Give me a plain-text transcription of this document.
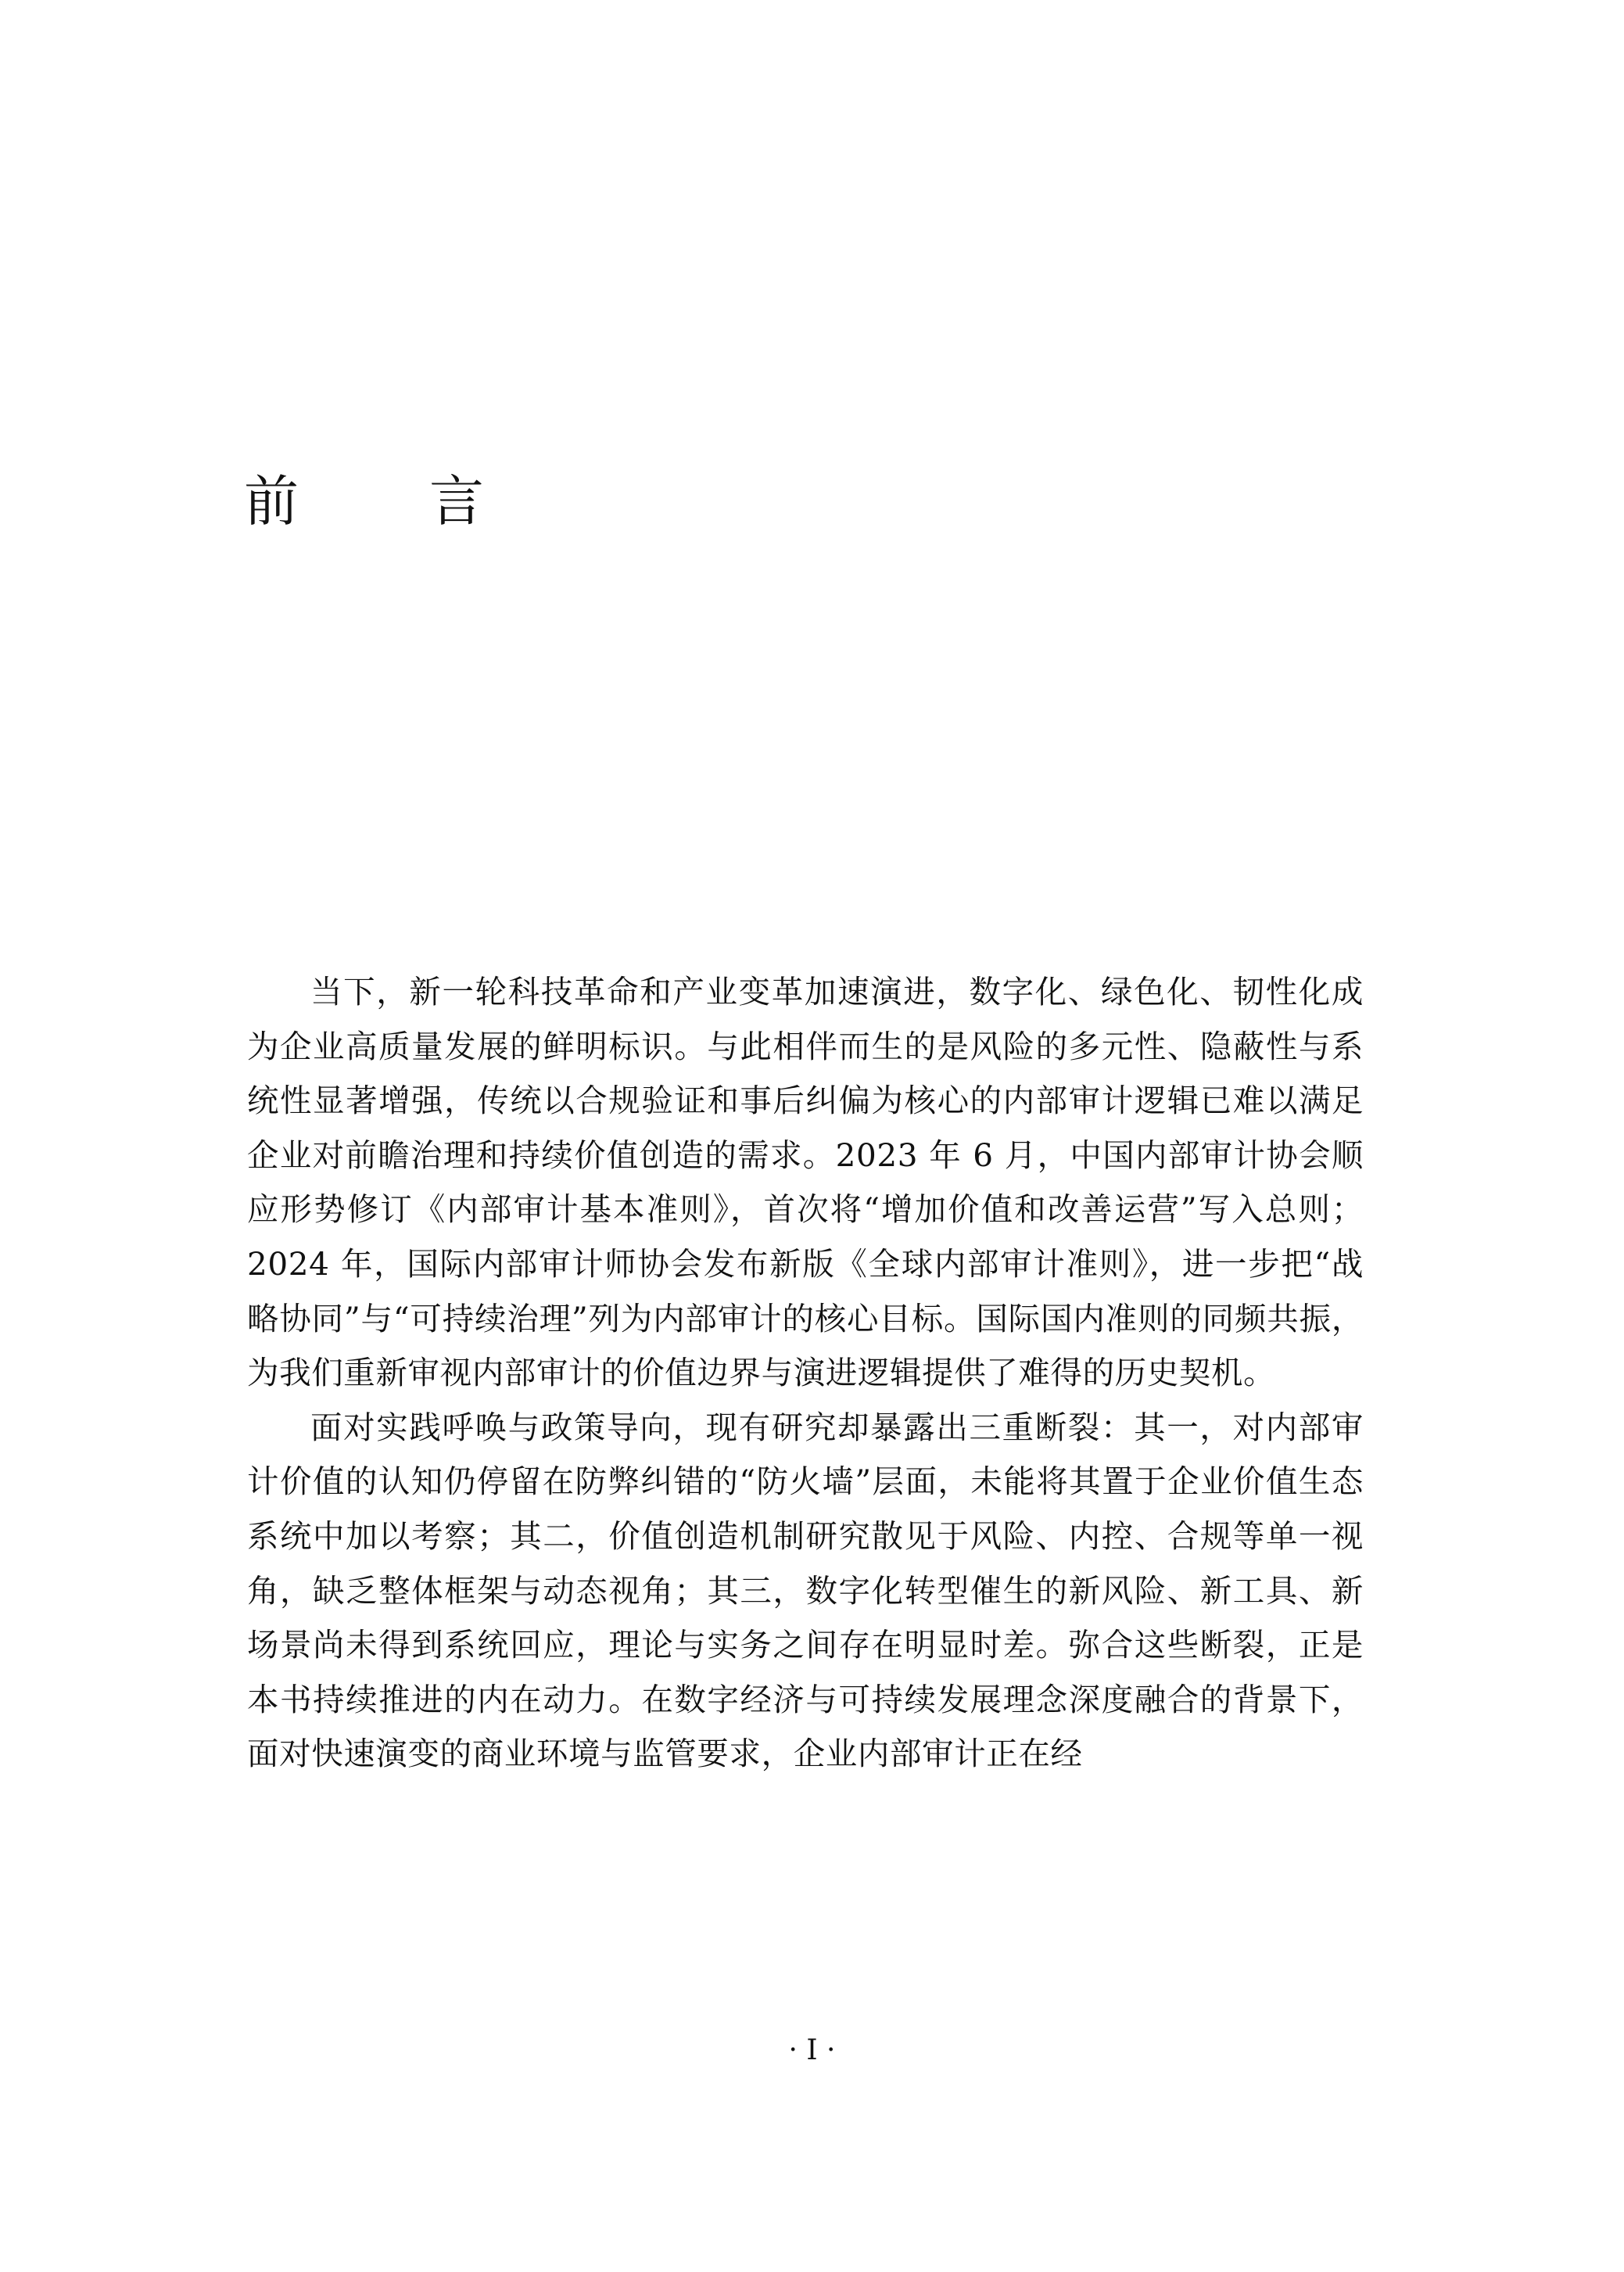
前 言

当下，新一轮科技革命和产业变革加速演进，数字化、绿色化、韧性化成为企业高质量发展的鲜明标识。与此相伴而生的是风险的多元性、隐蔽性与系统性显著增强，传统以合规验证和事后纠偏为核心的内部审计逻辑已难以满足企业对前瞻治理和持续价值创造的需求。2023 年 6 月，中国内部审计协会顺应形势修订《内部审计基本准则》，首次将“增加价值和改善运营”写入总则；2024 年，国际内部审计师协会发布新版《全球内部审计准则》，进一步把“战略协同”与“可持续治理”列为内部审计的核心目标。国际国内准则的同频共振，为我们重新审视内部审计的价值边界与演进逻辑提供了难得的历史契机。

面对实践呼唤与政策导向，现有研究却暴露出三重断裂：其一，对内部审计价值的认知仍停留在防弊纠错的“防火墙”层面，未能将其置于企业价值生态系统中加以考察；其二，价值创造机制研究散见于风险、内控、合规等单一视角，缺乏整体框架与动态视角；其三，数字化转型催生的新风险、新工具、新场景尚未得到系统回应，理论与实务之间存在明显时差。弥合这些断裂，正是本书持续推进的内在动力。在数字经济与可持续发展理念深度融合的背景下，面对快速演变的商业环境与监管要求，企业内部审计正在经

· I ·
